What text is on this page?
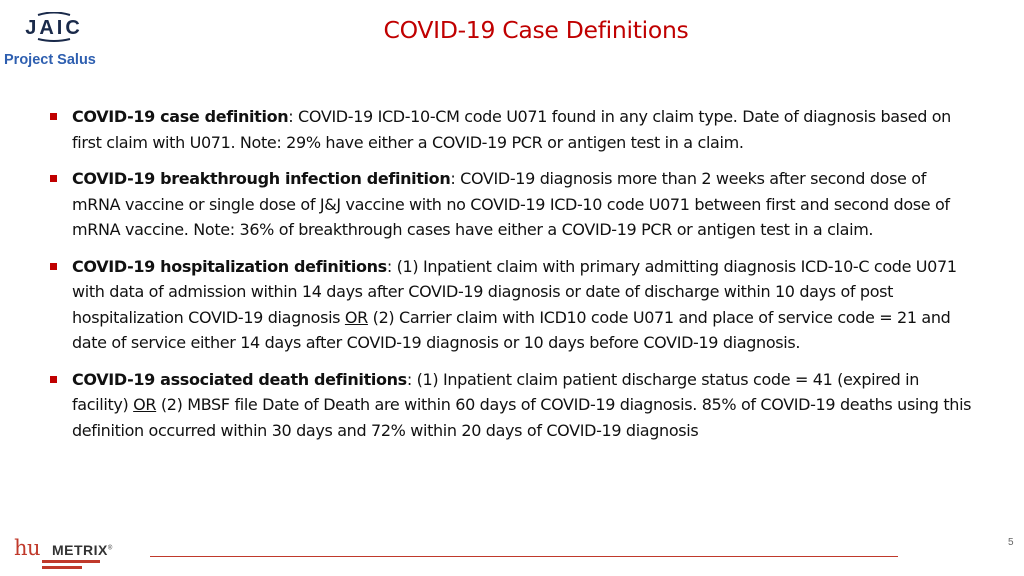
JAIC
Project Salus
COVID-19 Case Definitions
COVID-19 case definition: COVID-19 ICD-10-CM code U071 found in any claim type. Date of diagnosis based on first claim with U071. Note: 29% have either a COVID-19 PCR or antigen test in a claim.
COVID-19 breakthrough infection definition: COVID-19 diagnosis more than 2 weeks after second dose of mRNA vaccine or single dose of J&J vaccine with no COVID-19 ICD-10 code U071 between first and second dose of mRNA vaccine. Note: 36% of breakthrough cases have either a COVID-19 PCR or antigen test in a claim.
COVID-19 hospitalization definitions: (1) Inpatient claim with primary admitting diagnosis ICD-10-C code U071 with data of admission within 14 days after COVID-19 diagnosis or date of discharge within 10 days of post hospitalization COVID-19 diagnosis OR (2) Carrier claim with ICD10 code U071 and place of service code = 21 and date of service either 14 days after COVID-19 diagnosis or 10 days before COVID-19 diagnosis.
COVID-19 associated death definitions: (1) Inpatient claim patient discharge status code = 41 (expired in facility) OR (2) MBSF file Date of Death are within 60 days of COVID-19 diagnosis. 85% of COVID-19 deaths using this definition occurred within 30 days and 72% within 20 days of COVID-19 diagnosis
hu METRIX®
5
